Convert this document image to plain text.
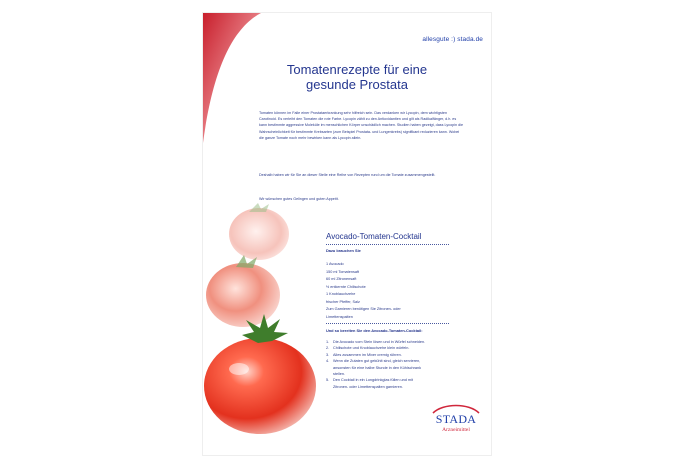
allesgute :) stada.de
Tomatenrezepte für eine
gesunde Prostata

Tomaten können im Falle einer Prostataerkrankung sehr hilfreich sein. Das verdanken wir Lycopin, dem wichtigsten Carotinoid. Es verleiht den Tomaten die rote Farbe. Lycopin zählt zu den Antioxidantien und gilt als Radikalfänger, d.h. es kann bestimmte aggressive Moleküle im menschlichen Körper unschädlich machen. Studien haben gezeigt, dass Lycopin die Wahrscheinlichkeit für bestimmte Krebsarten (zum Beispiel Prostata- und Lungenkrebs) signifikant reduzieren kann. Wobei die ganze Tomate noch mehr bewirken kann als Lycopin allein.

Deshalb haben wir für Sie an dieser Stelle eine Reihe von Rezepten rund um die Tomate zusammengestellt.

Wir wünschen gutes Gelingen und guten Appetit.

Avocado-Tomaten-Cocktail
Dazu brauchen Sie
1 Avocado
150 ml Tomatensaft
60 ml Zitronensaft
½ entkernte Chilischote
1 Knoblauchzehe
frischer Pfeffer, Salz
Zum Garnieren benötigen Sie Zitronen- oder
Limettenspalten
Und so bereiten Sie den Avocado-Tomaten-Cocktail:
1.	Die Avocado vom Stein lösen und in Würfel schneiden.
2.	Chilischote und Knoblauchzehe klein würfeln.
3.	Alles zusammen im Mixer cremig rühren.
4.	Wenn die Zutaten gut gekühlt sind, gleich servieren,
ansonsten für eine halbe Stunde in den Kühlschrank
stellen.
5.	Den Cocktail in ein Longdrinkglas füllen und mit
Zitronen- oder Limettenspalten garnieren.
STADA
Arzneimittel
